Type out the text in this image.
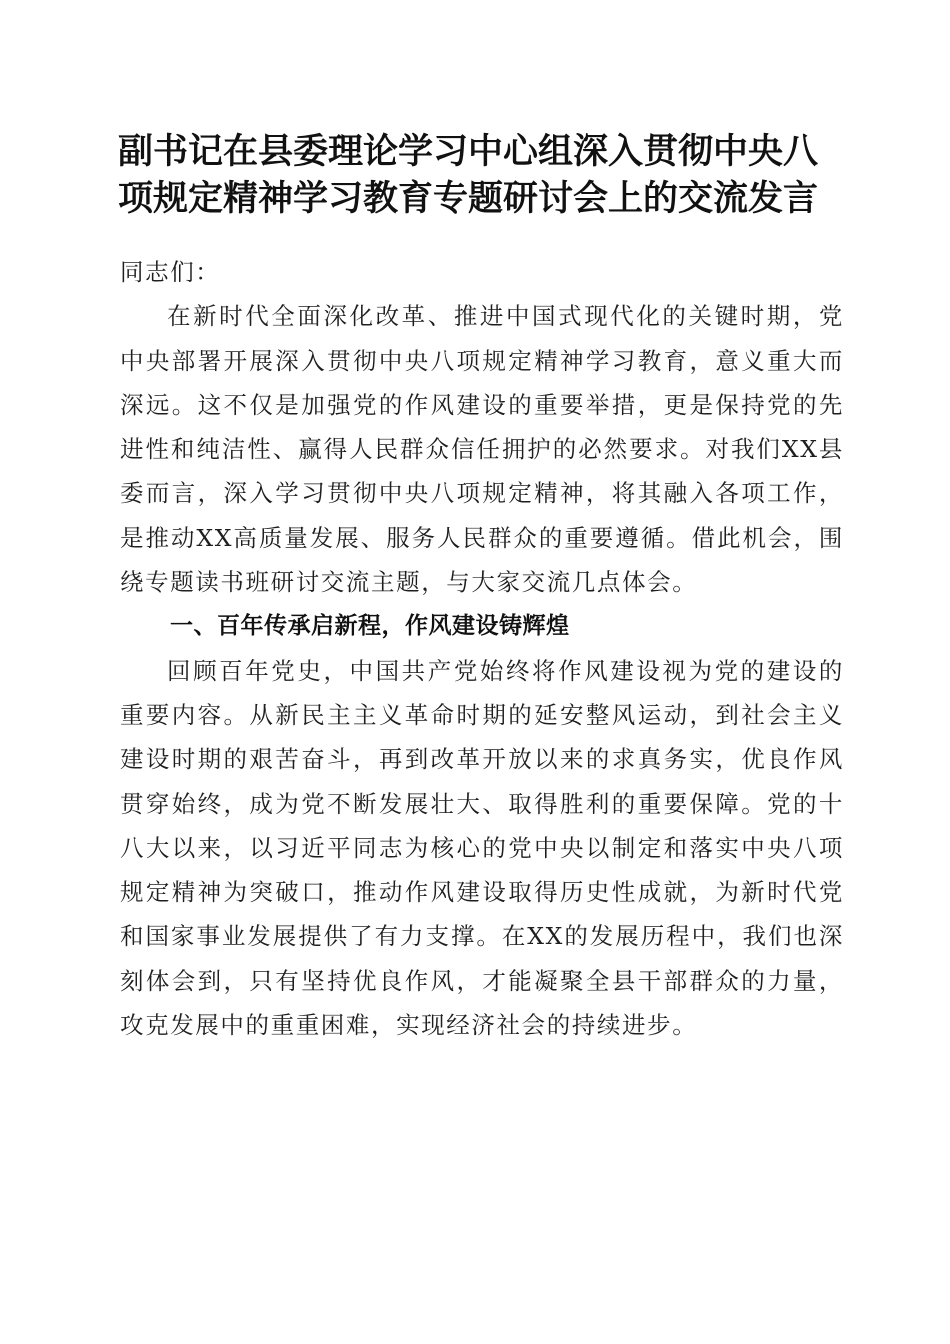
副书记在县委理论学习中心组深入贯彻中央八
项规定精神学习教育专题研讨会上的交流发言

同志们：

在新时代全面深化改革、推进中国式现代化的关键时期，党中央部署开展深入贯彻中央八项规定精神学习教育，意义重大而深远。这不仅是加强党的作风建设的重要举措，更是保持党的先进性和纯洁性、赢得人民群众信任拥护的必然要求。对我们XX县委而言，深入学习贯彻中央八项规定精神，将其融入各项工作，是推动XX高质量发展、服务人民群众的重要遵循。借此机会，围绕专题读书班研讨交流主题，与大家交流几点体会。

一、百年传承启新程，作风建设铸辉煌

回顾百年党史，中国共产党始终将作风建设视为党的建设的重要内容。从新民主主义革命时期的延安整风运动，到社会主义建设时期的艰苦奋斗，再到改革开放以来的求真务实，优良作风贯穿始终，成为党不断发展壮大、取得胜利的重要保障。党的十八大以来，以习近平同志为核心的党中央以制定和落实中央八项规定精神为突破口，推动作风建设取得历史性成就，为新时代党和国家事业发展提供了有力支撑。在XX的发展历程中，我们也深刻体会到，只有坚持优良作风，才能凝聚全县干部群众的力量，攻克发展中的重重困难，实现经济社会的持续进步。
